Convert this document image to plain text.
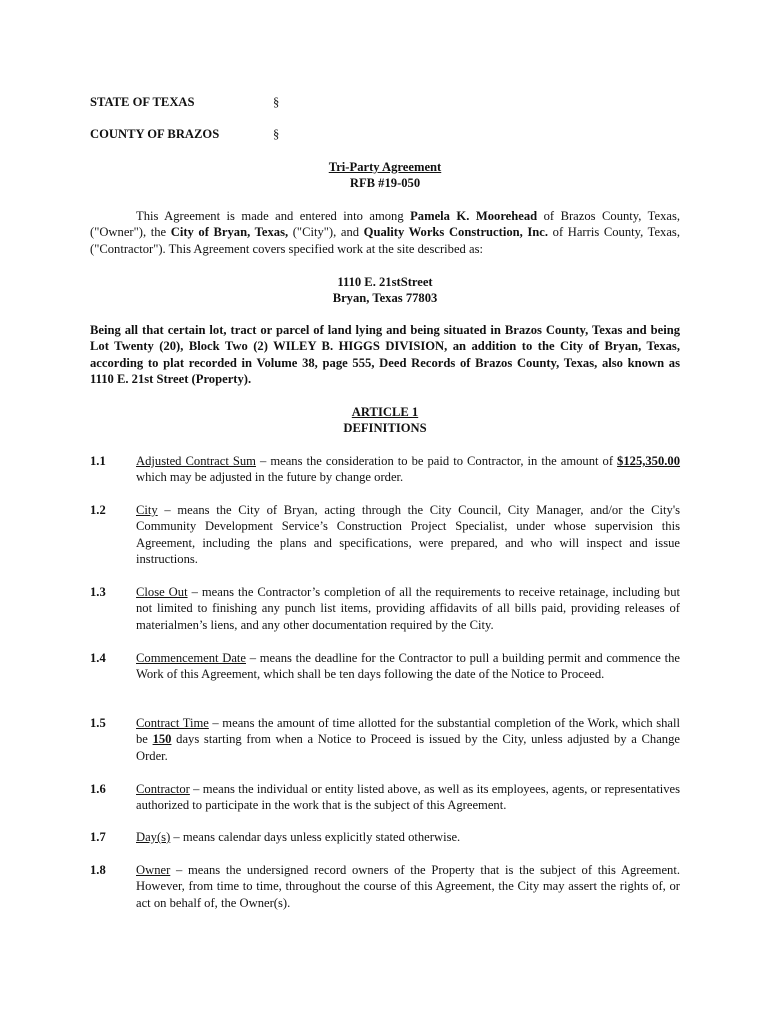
STATE OF TEXAS	§
COUNTY OF BRAZOS	§
Tri-Party Agreement
RFB #19-050
This Agreement is made and entered into among Pamela K. Moorehead of Brazos County, Texas, ("Owner"), the City of Bryan, Texas, ("City"), and Quality Works Construction, Inc. of Harris County, Texas, ("Contractor"). This Agreement covers specified work at the site described as:
1110 E. 21stStreet
Bryan, Texas 77803
Being all that certain lot, tract or parcel of land lying and being situated in Brazos County, Texas and being Lot Twenty (20), Block Two (2) WILEY B. HIGGS DIVISION, an addition to the City of Bryan, Texas, according to plat recorded in Volume 38, page 555, Deed Records of Brazos County, Texas, also known as 1110 E. 21st Street (Property).
ARTICLE 1
DEFINITIONS
1.1 Adjusted Contract Sum – means the consideration to be paid to Contractor, in the amount of $125,350.00 which may be adjusted in the future by change order.
1.2 City – means the City of Bryan, acting through the City Council, City Manager, and/or the City's Community Development Service’s Construction Project Specialist, under whose supervision this Agreement, including the plans and specifications, were prepared, and who will inspect and issue instructions.
1.3 Close Out – means the Contractor’s completion of all the requirements to receive retainage, including but not limited to finishing any punch list items, providing affidavits of all bills paid, providing releases of materialmen’s liens, and any other documentation required by the City.
1.4 Commencement Date – means the deadline for the Contractor to pull a building permit and commence the Work of this Agreement, which shall be ten days following the date of the Notice to Proceed.
1.5 Contract Time – means the amount of time allotted for the substantial completion of the Work, which shall be 150 days starting from when a Notice to Proceed is issued by the City, unless adjusted by a Change Order.
1.6 Contractor – means the individual or entity listed above, as well as its employees, agents, or representatives authorized to participate in the work that is the subject of this Agreement.
1.7 Day(s) – means calendar days unless explicitly stated otherwise.
1.8 Owner – means the undersigned record owners of the Property that is the subject of this Agreement. However, from time to time, throughout the course of this Agreement, the City may assert the rights of, or act on behalf of, the Owner(s).
